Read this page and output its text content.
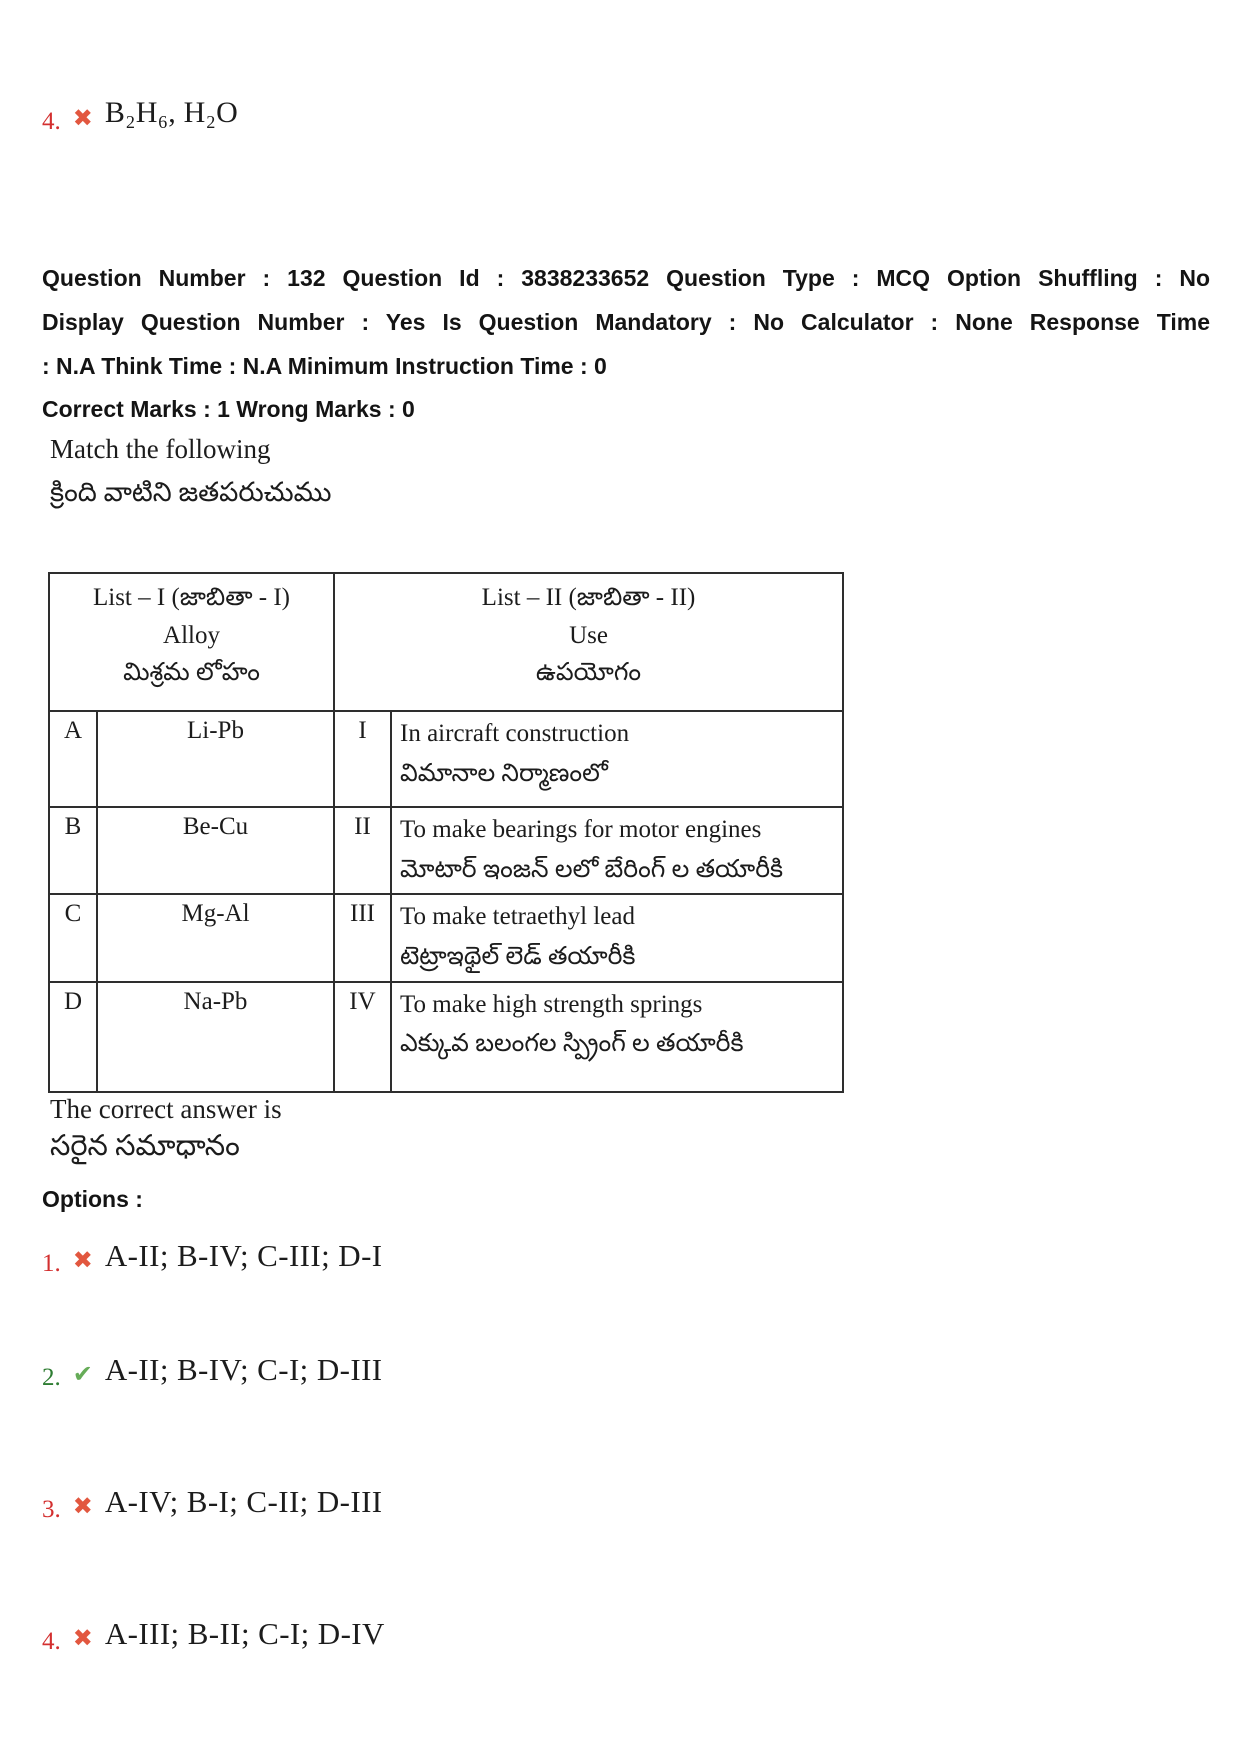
4. ✖ B₂H₆, H₂O
Question Number : 132 Question Id : 3838233652 Question Type : MCQ Option Shuffling : No
Display Question Number : Yes Is Question Mandatory : No Calculator : None Response Time
: N.A Think Time : N.A Minimum Instruction Time : 0
Correct Marks : 1 Wrong Marks : 0
Match the following
క్రింది వాటిని జతపరుచుము
List – I (జాబితా - I)
Alloy
మిశ్రమ లోహం

List – II (జాబితా - II)
Use
ఉపయోగం

A	Li-Pb	I	In aircraft construction
విమానాల నిర్మాణంలో

B	Be-Cu	II	To make bearings for motor engines
మోటార్ ఇంజన్ లలో బేరింగ్ ల తయారీకి

C	Mg-Al	III	To make tetraethyl lead
టెట్రాఇథైల్ లెడ్ తయారీకి

D	Na-Pb	IV	To make high strength springs
ఎక్కువ బలంగల స్ప్రింగ్ ల తయారీకి
The correct answer is
సరైన సమాధానం
Options :
1. ✖ A-II; B-IV; C-III; D-I
2. ✔ A-II; B-IV; C-I; D-III
3. ✖ A-IV; B-I; C-II; D-III
4. ✖ A-III; B-II; C-I; D-IV
